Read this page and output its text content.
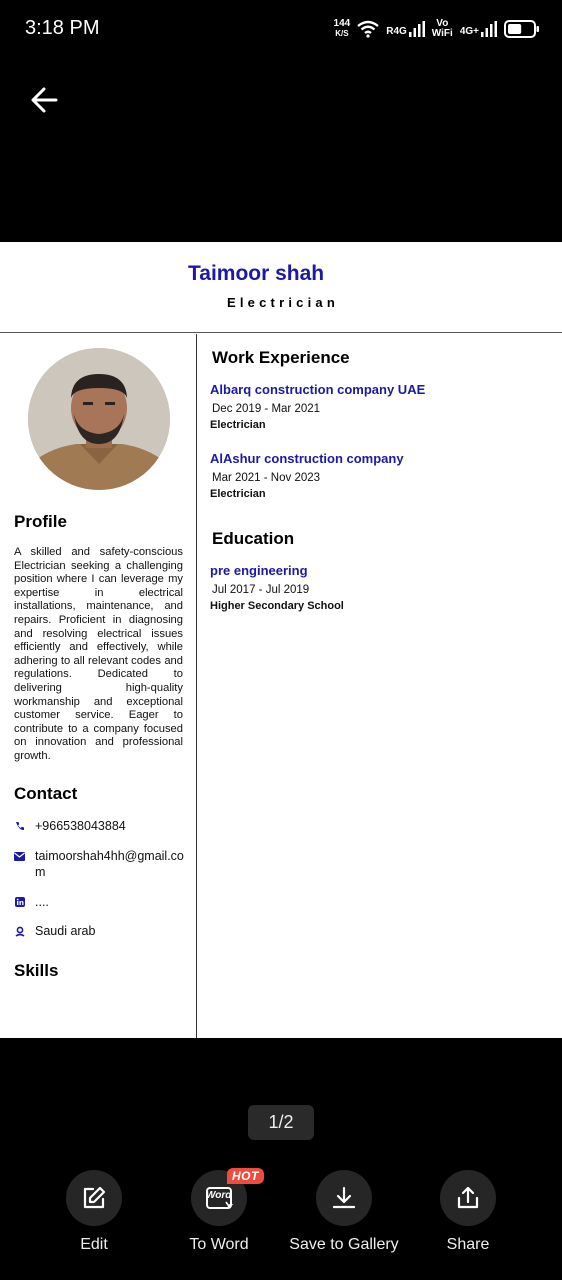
3:18 PM	144
K/S	R4G
Vo
WiFi 4G+
Taimoor shah
Electrician
Profile
A skilled and safety-conscious Electrician seeking a challenging position where I can leverage my expertise in electrical installations, maintenance, and repairs. Proficient in diagnosing and resolving electrical issues efficiently and effectively, while adhering to all relevant codes and regulations. Dedicated to delivering high-quality workmanship and exceptional customer service. Eager to contribute to a company focused on innovation and professional growth.
Contact
+966538043884
taimoorshah4hh@gmail.com
....
Saudi arab
Skills
Work Experience
Albarq construction company UAE
Dec 2019 - Mar 2021
Electrician
AlAshur construction company
Mar 2021 - Nov 2023
Electrician
Education
pre engineering
Jul 2017 - Jul 2019
Higher Secondary School
1/2
Edit
Word
HOT
To Word	Save to Gallery	Share
